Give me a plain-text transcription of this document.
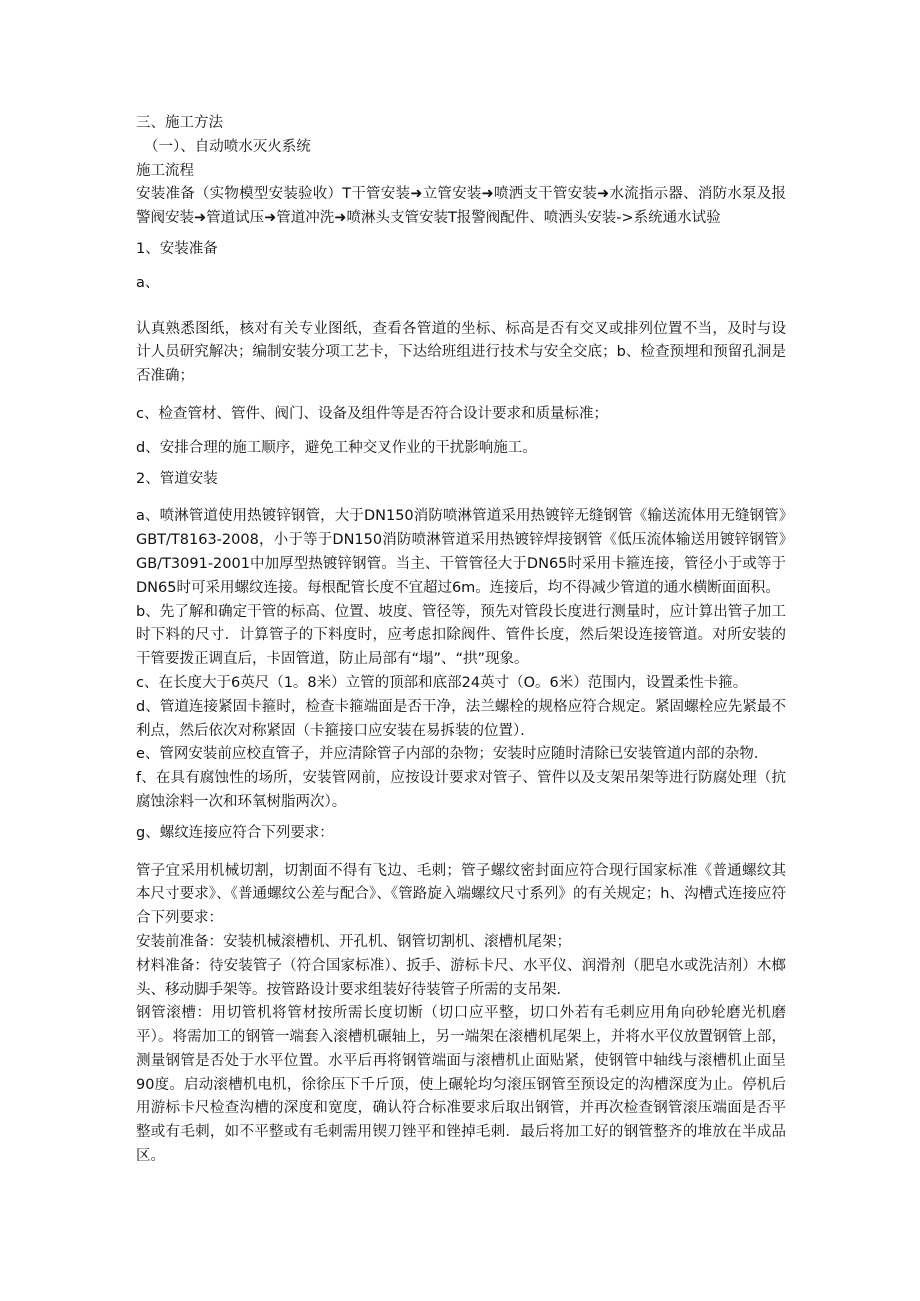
三、施工方法

（一）、自动喷水灭火系统

施工流程

安装准备（实物模型安装验收）T干管安装➜立管安装➜喷洒支干管安装➜水流指示器、消防水泵及报警阀安装➜管道试压➜管道冲洗➜喷淋头支管安装T报警阀配件、喷洒头安装->系统通水试验

1、安装准备

a、

认真熟悉图纸，核对有关专业图纸，查看各管道的坐标、标高是否有交叉或排列位置不当，及时与设计人员研究解决；编制安装分项工艺卡，下达给班组进行技术与安全交底；b、检查预埋和预留孔洞是否准确；

c、检查管材、管件、阀门、设备及组件等是否符合设计要求和质量标准；

d、安排合理的施工顺序，避免工种交叉作业的干扰影响施工。

2、管道安装

a、喷淋管道使用热镀锌钢管，大于DN150消防喷淋管道采用热镀锌无缝钢管《输送流体用无缝钢管》GBT/T8163-2008，小于等于DN150消防喷淋管道采用热镀锌焊接钢管《低压流体输送用镀锌钢管》GB/T3091-2001中加厚型热镀锌钢管。当主、干管管径大于DN65时采用卡箍连接，管径小于或等于DN65时可采用螺纹连接。每根配管长度不宜超过6m。连接后，均不得减少管道的通水横断面面积。

b、先了解和确定干管的标高、位置、坡度、管径等，预先对管段长度进行测量时，应计算出管子加工时下料的尺寸．计算管子的下料度时，应考虑扣除阀件、管件长度，然后架设连接管道。对所安装的干管要拨正调直后，卡固管道，防止局部有“塌”、“拱”现象。

c、在长度大于6英尺（1。8米）立管的顶部和底部24英寸（O。6米）范围内，设置柔性卡箍。

d、管道连接紧固卡箍时，检查卡箍端面是否干净，法兰螺栓的规格应符合规定。紧固螺栓应先紧最不利点，然后依次对称紧固（卡箍接口应安装在易拆装的位置）．

e、管网安装前应校直管子，并应清除管子内部的杂物；安装时应随时清除已安装管道内部的杂物．

f、在具有腐蚀性的场所，安装管网前，应按设计要求对管子、管件以及支架吊架等进行防腐处理（抗腐蚀涂料一次和环氧树脂两次）。

g、螺纹连接应符合下列要求：

管子宜采用机械切割，切割面不得有飞边、毛刺；管子螺纹密封面应符合现行国家标准《普通螺纹其本尺寸要求》、《普通螺纹公差与配合》、《管路旋入端螺纹尺寸系列》的有关规定；h、沟槽式连接应符合下列要求：

安装前准备：安装机械滚槽机、开孔机、钢管切割机、滚槽机尾架；

材料准备：待安装管子（符合国家标准）、扳手、游标卡尺、水平仪、润滑剂（肥皂水或洗洁剂）木榔头、移动脚手架等。按管路设计要求组装好待装管子所需的支吊架．

钢管滚槽：用切管机将管材按所需长度切断（切口应平整，切口外若有毛刺应用角向砂轮磨光机磨平）。将需加工的钢管一端套入滚槽机碾轴上，另一端架在滚槽机尾架上，并将水平仪放置钢管上部，测量钢管是否处于水平位置。水平后再将钢管端面与滚槽机止面贴紧，使钢管中轴线与滚槽机止面呈90度。启动滚槽机电机，徐徐压下千斤顶，使上碾轮均匀滚压钢管至预设定的沟槽深度为止。停机后用游标卡尺检查沟槽的深度和宽度，确认符合标准要求后取出钢管，并再次检查钢管滚压端面是否平整或有毛刺，如不平整或有毛刺需用锲刀锉平和锉掉毛刺．最后将加工好的钢管整齐的堆放在半成品区。
